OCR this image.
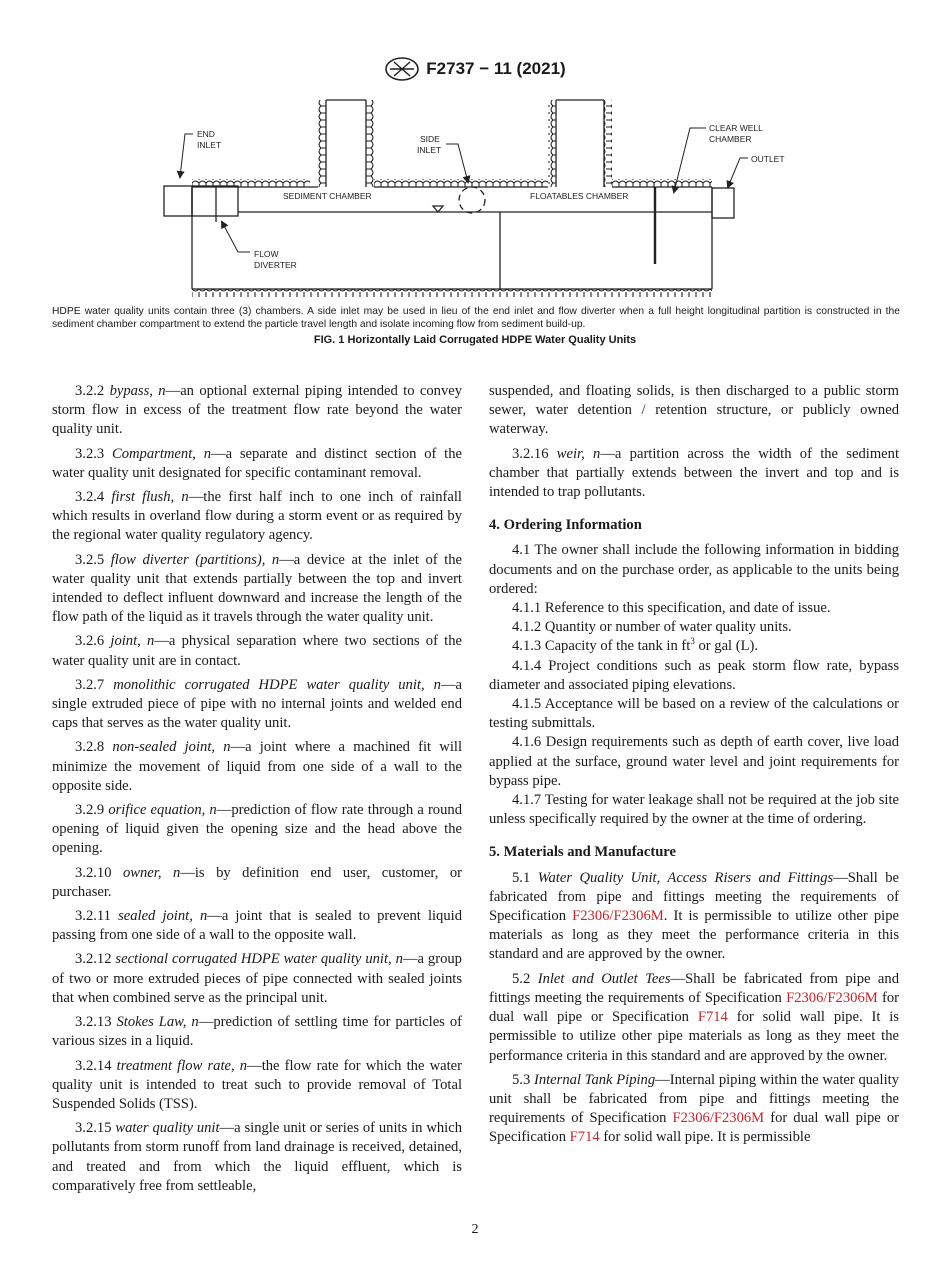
F2737 − 11 (2021)
END
INLET
SIDE
INLET
CLEAR WELL
CHAMBER
OUTLET
SEDIMENT CHAMBER	FLOATABLES CHAMBER
FLOW
DIVERTER
HDPE water quality units contain three (3) chambers. A side inlet may be used in lieu of the end inlet and flow diverter when a full height longitudinal partition is constructed in the sediment chamber compartment to extend the particle travel length and isolate incoming flow from sediment build-up.
FIG. 1 Horizontally Laid Corrugated HDPE Water Quality Units

3.2.2 bypass, n—an optional external piping intended to convey storm flow in excess of the treatment flow rate beyond the water quality unit.

3.2.3 Compartment, n—a separate and distinct section of the water quality unit designated for specific contaminant removal.

3.2.4 first flush, n—the first half inch to one inch of rainfall which results in overland flow during a storm event or as required by the regional water quality regulatory agency.

3.2.5 flow diverter (partitions), n—a device at the inlet of the water quality unit that extends partially between the top and invert intended to deflect influent downward and increase the length of the flow path of the liquid as it travels through the water quality unit.

3.2.6 joint, n—a physical separation where two sections of the water quality unit are in contact.

3.2.7 monolithic corrugated HDPE water quality unit, n—a single extruded piece of pipe with no internal joints and welded end caps that serves as the water quality unit.

3.2.8 non-sealed joint, n—a joint where a machined fit will minimize the movement of liquid from one side of a wall to the opposite side.

3.2.9 orifice equation, n—prediction of flow rate through a round opening of liquid given the opening size and the head above the opening.

3.2.10 owner, n—is by definition end user, customer, or purchaser.

3.2.11 sealed joint, n—a joint that is sealed to prevent liquid passing from one side of a wall to the opposite wall.

3.2.12 sectional corrugated HDPE water quality unit, n—a group of two or more extruded pieces of pipe connected with sealed joints that when combined serve as the principal unit.

3.2.13 Stokes Law, n—prediction of settling time for particles of various sizes in a liquid.

3.2.14 treatment flow rate, n—the flow rate for which the water quality unit is intended to treat such to provide removal of Total Suspended Solids (TSS).

3.2.15 water quality unit—a single unit or series of units in which pollutants from storm runoff from land drainage is received, detained, and treated and from which the liquid effluent, which is comparatively free from settleable,

suspended, and floating solids, is then discharged to a public storm sewer, water detention / retention structure, or publicly owned waterway.

3.2.16 weir, n—a partition across the width of the sediment chamber that partially extends between the invert and top and is intended to trap pollutants.

4. Ordering Information

4.1 The owner shall include the following information in bidding documents and on the purchase order, as applicable to the units being ordered:

4.1.1 Reference to this specification, and date of issue.

4.1.2 Quantity or number of water quality units.

4.1.3 Capacity of the tank in $ft^3$ or gal (L).

4.1.4 Project conditions such as peak storm flow rate, bypass diameter and associated piping elevations.

4.1.5 Acceptance will be based on a review of the calculations or testing submittals.

4.1.6 Design requirements such as depth of earth cover, live load applied at the surface, ground water level and joint requirements for bypass pipe.

4.1.7 Testing for water leakage shall not be required at the job site unless specifically required by the owner at the time of ordering.

5. Materials and Manufacture

5.1 Water Quality Unit, Access Risers and Fittings—Shall be fabricated from pipe and fittings meeting the requirements of Specification F2306/F2306M. It is permissible to utilize other pipe materials as long as they meet the performance criteria in this standard and are approved by the owner.

5.2 Inlet and Outlet Tees—Shall be fabricated from pipe and fittings meeting the requirements of Specification F2306/F2306M for dual wall pipe or Specification F714 for solid wall pipe. It is permissible to utilize other pipe materials as long as they meet the performance criteria in this standard and are approved by the owner.

5.3 Internal Tank Piping—Internal piping within the water quality unit shall be fabricated from pipe and fittings meeting the requirements of Specification F2306/F2306M for dual wall pipe or Specification F714 for solid wall pipe. It is permissible

2
